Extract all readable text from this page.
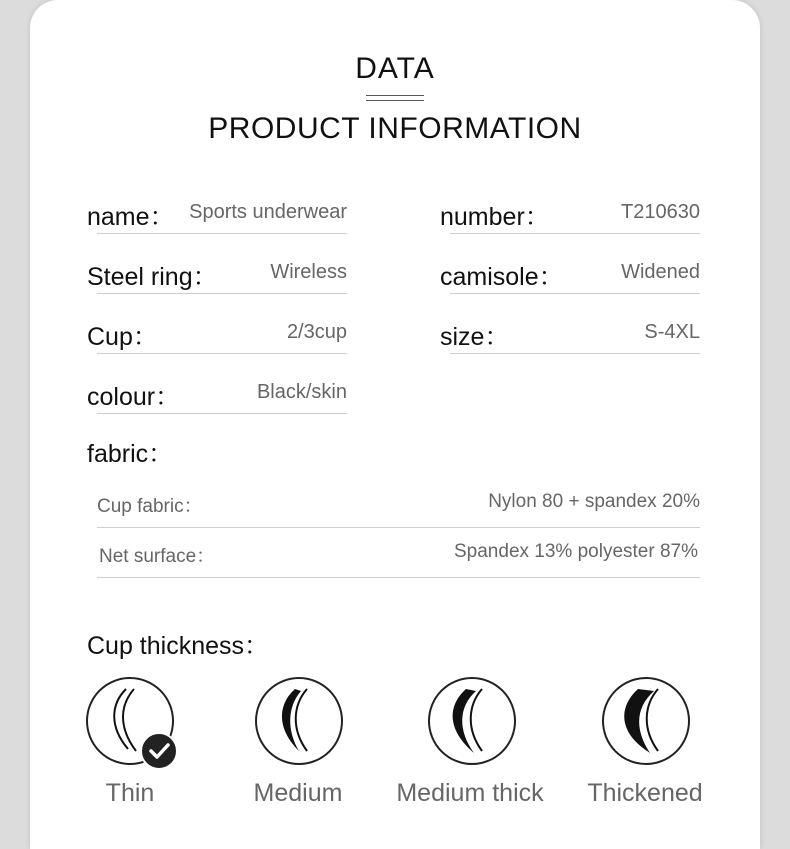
DATA
PRODUCT INFORMATION
name： Sports underwear
Steel ring：	Wireless
Cup：	2/3cup
colour：	Black/skin
number：	T210630
camisole：	Widened
size：	S-4XL
fabric：
Cup fabric：	Nylon 80 + spandex 20%
Net surface：	Spandex 13% polyester 87%
Cup thickness：
Thin	Medium	Medium thick	Thickened
